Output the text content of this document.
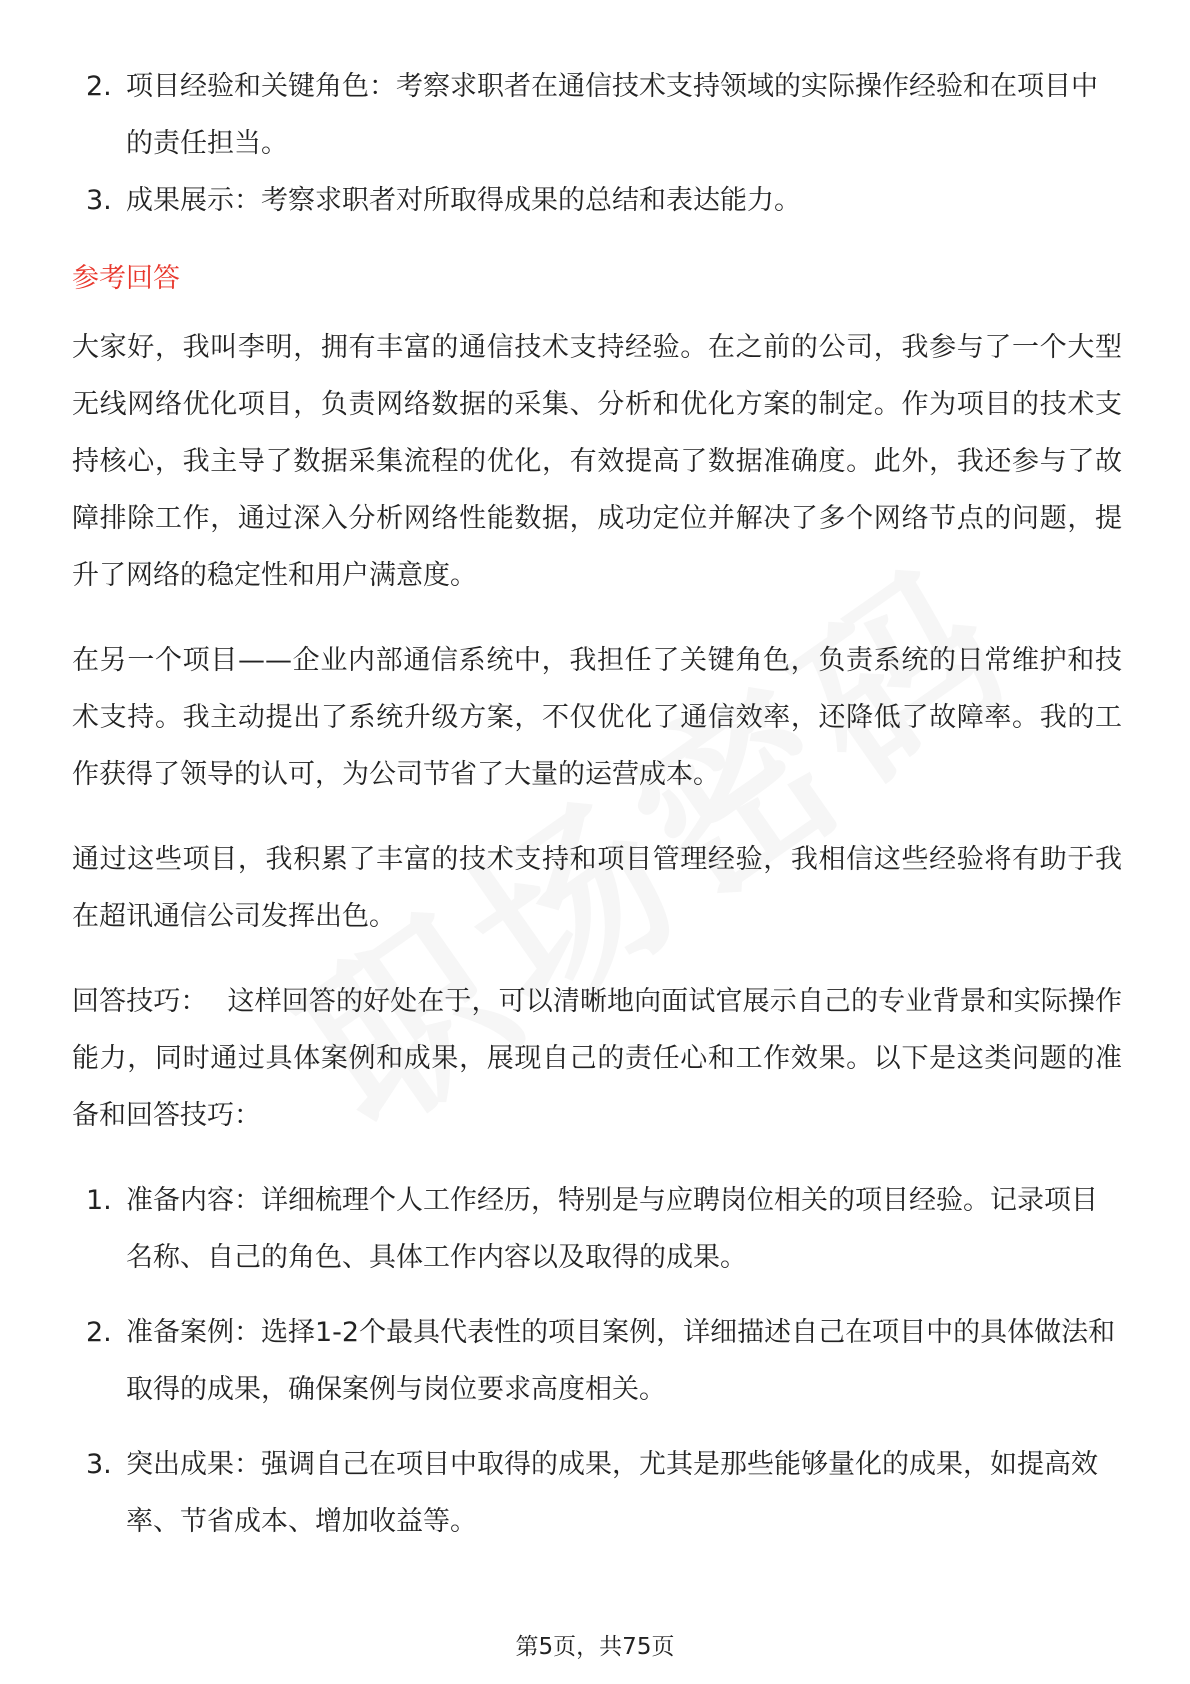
2. 项目经验和关键角色：考察求职者在通信技术支持领域的实际操作经验和在项目中的责任担当。
3. 成果展示：考察求职者对所取得成果的总结和表达能力。
参考回答

大家好，我叫李明，拥有丰富的通信技术支持经验。在之前的公司，我参与了一个大型无线网络优化项目，负责网络数据的采集、分析和优化方案的制定。作为项目的技术支持核心，我主导了数据采集流程的优化，有效提高了数据准确度。此外，我还参与了故障排除工作，通过深入分析网络性能数据，成功定位并解决了多个网络节点的问题，提升了网络的稳定性和用户满意度。

在另一个项目——企业内部通信系统中，我担任了关键角色，负责系统的日常维护和技术支持。我主动提出了系统升级方案，不仅优化了通信效率，还降低了故障率。我的工作获得了领导的认可，为公司节省了大量的运营成本。

通过这些项目，我积累了丰富的技术支持和项目管理经验，我相信这些经验将有助于我在超讯通信公司发挥出色。

回答技巧： 这样回答的好处在于，可以清晰地向面试官展示自己的专业背景和实际操作能力，同时通过具体案例和成果，展现自己的责任心和工作效果。以下是这类问题的准备和回答技巧：

1. 准备内容：详细梳理个人工作经历，特别是与应聘岗位相关的项目经验。记录项目名称、自己的角色、具体工作内容以及取得的成果。
2. 准备案例：选择1-2个最具代表性的项目案例，详细描述自己在项目中的具体做法和取得的成果，确保案例与岗位要求高度相关。
3. 突出成果：强调自己在项目中取得的成果，尤其是那些能够量化的成果，如提高效率、节省成本、增加收益等。
第5页，共75页
